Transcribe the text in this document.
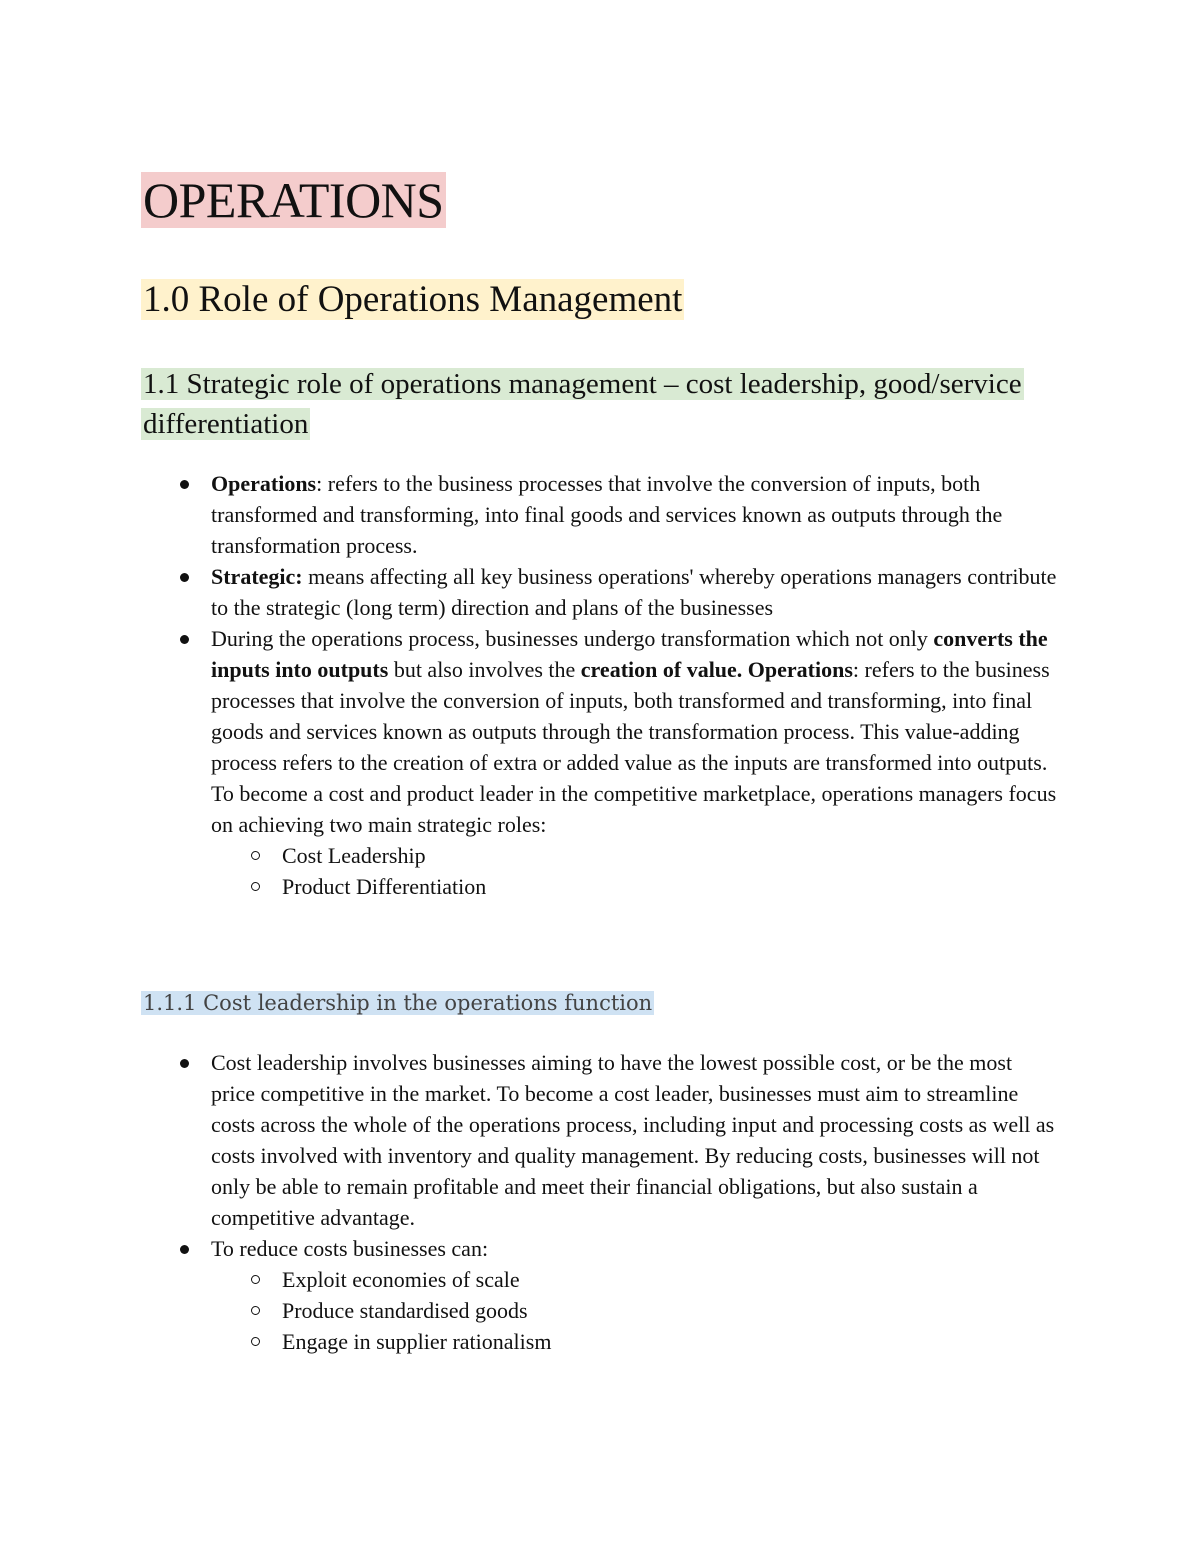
OPERATIONS
1.0 Role of Operations Management
1.1 Strategic role of operations management – cost leadership, good/service differentiation
Operations: refers to the business processes that involve the conversion of inputs, both transformed and transforming, into final goods and services known as outputs through the transformation process.
Strategic: means affecting all key business operations' whereby operations managers contribute to the strategic (long term) direction and plans of the businesses
During the operations process, businesses undergo transformation which not only converts the inputs into outputs but also involves the creation of value. Operations: refers to the business processes that involve the conversion of inputs, both transformed and transforming, into final goods and services known as outputs through the transformation process. This value-adding process refers to the creation of extra or added value as the inputs are transformed into outputs. To become a cost and product leader in the competitive marketplace, operations managers focus on achieving two main strategic roles:
Cost Leadership
Product Differentiation
1.1.1 Cost leadership in the operations function
Cost leadership involves businesses aiming to have the lowest possible cost, or be the most price competitive in the market. To become a cost leader, businesses must aim to streamline costs across the whole of the operations process, including input and processing costs as well as costs involved with inventory and quality management. By reducing costs, businesses will not only be able to remain profitable and meet their financial obligations, but also sustain a competitive advantage.
To reduce costs businesses can:
Exploit economies of scale
Produce standardised goods
Engage in supplier rationalism
